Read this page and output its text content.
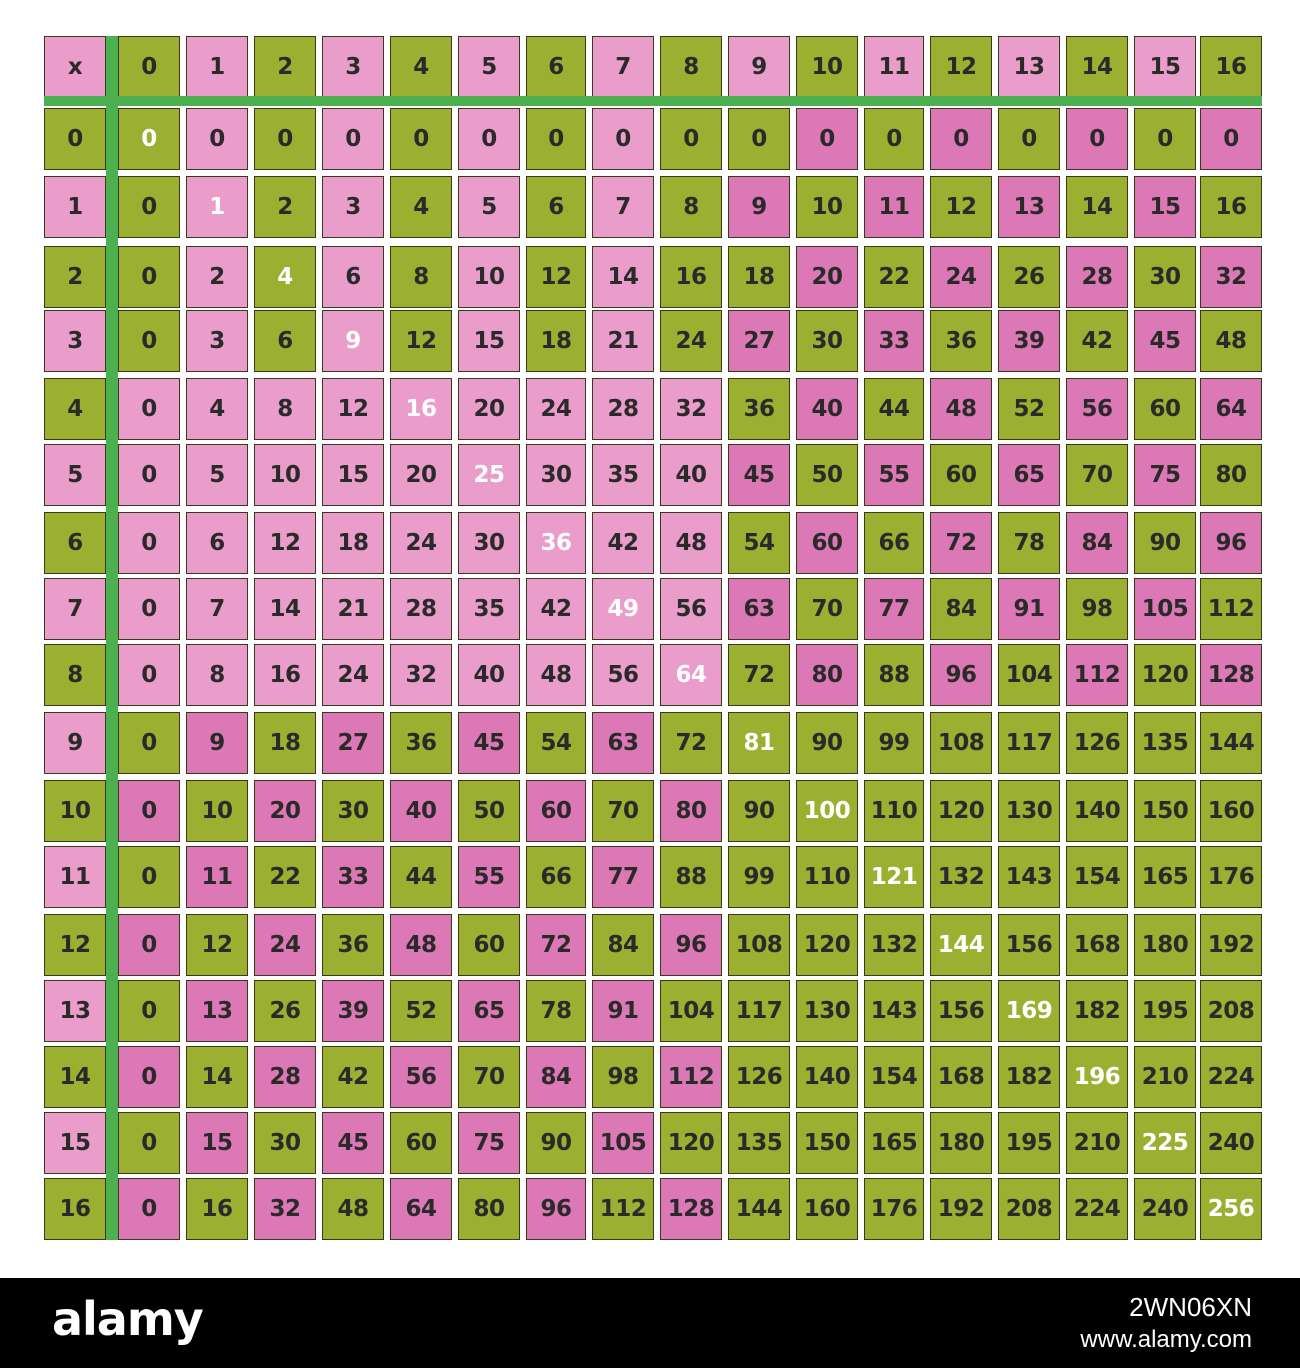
x	0	1	2	3	4	5	6	7	8	9	10	11	12	13	14	15	16
0	0	0	0	0	0	0	0	0	0	0	0	0	0	0	0	0	0
1	0	1	2	3	4	5	6	7	8	9	10	11	12	13	14	15	16
2	0	2	4	6	8	10	12	14	16	18	20	22	24	26	28	30	32
3	0	3	6	9	12	15	18	21	24	27	30	33	36	39	42	45	48
4	0	4	8	12	16	20	24	28	32	36	40	44	48	52	56	60	64
5	0	5	10	15	20	25	30	35	40	45	50	55	60	65	70	75	80
6	0	6	12	18	24	30	36	42	48	54	60	66	72	78	84	90	96
7	0	7	14	21	28	35	42	49	56	63	70	77	84	91	98	105 112
8	0	8	16	24	32	40	48	56	64	72	80	88	96	104 112 120 128
9	0	9	18	27	36	45	54	63	72	81	90	99	108 117 126 135 144
10	0	10	20	30	40	50	60	70	80	90	100 110 120 130 140 150 160
11	0	11	22	33	44	55	66	77	88	99	110 121 132 143 154 165 176
12	0	12	24	36	48	60	72	84	96	108 120 132 144 156 168 180 192
13	0	13	26	39	52	65	78	91	104 117 130 143 156 169 182 195 208
14	0	14	28	42	56	70	84	98	112 126 140 154 168 182 196 210 224
15	0	15	30	45	60	75	90	105 120 135 150 165 180 195 210 225 240
16	0	16	32	48	64	80	96	112 128 144 160 176 192 208 224 240 256
alamy	2WN06XN
www.alamy.com
